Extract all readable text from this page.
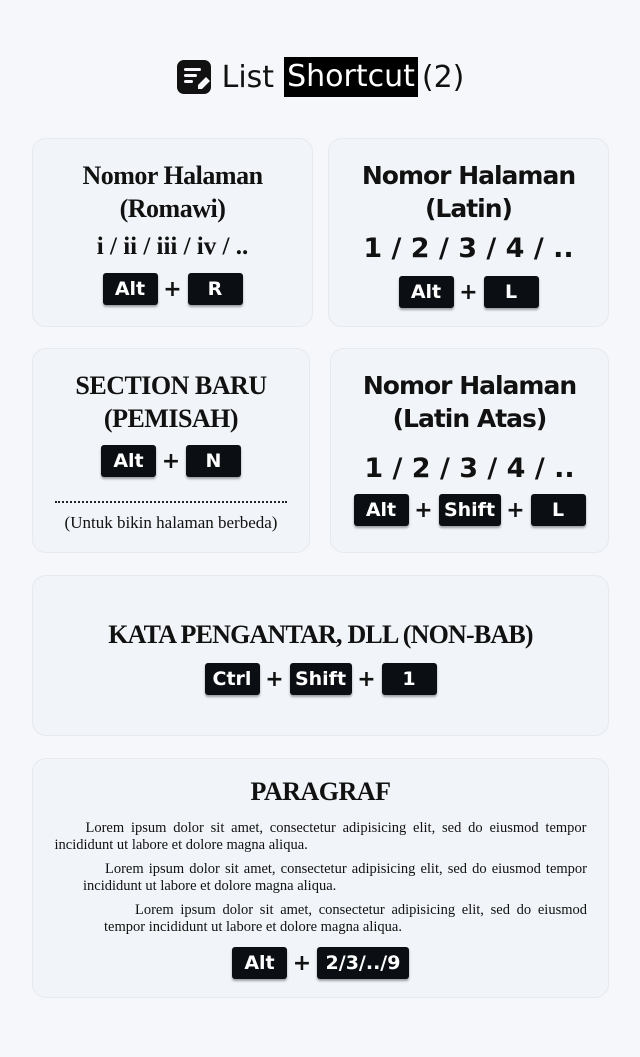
List Shortcut (2)
Nomor Halaman
(Romawi)
i / ii / iii / iv / ..
Alt +	R
Nomor Halaman
(Latin)
1 / 2 / 3 / 4 / ..
Alt +	L
SECTION BARU
(PEMISAH)
Alt +	N
(Untuk bikin halaman berbeda)
Nomor Halaman
(Latin Atas)
1 / 2 / 3 / 4 / ..
Alt + Shift +	L
KATA PENGANTAR, DLL (NON-BAB)
Ctrl + Shift +	1
PARAGRAF
Lorem ipsum dolor sit amet, consectetur adipisicing elit, sed do eiusmod tempor incididunt ut labore et dolore magna aliqua.
Lorem ipsum dolor sit amet, consectetur adipisicing elit, sed do eiusmod tempor incididunt ut labore et dolore magna aliqua.
Lorem ipsum dolor sit amet, consectetur adipisicing elit, sed do eiusmod tempor incididunt ut labore et dolore magna aliqua.
Alt + 2/3/../9
